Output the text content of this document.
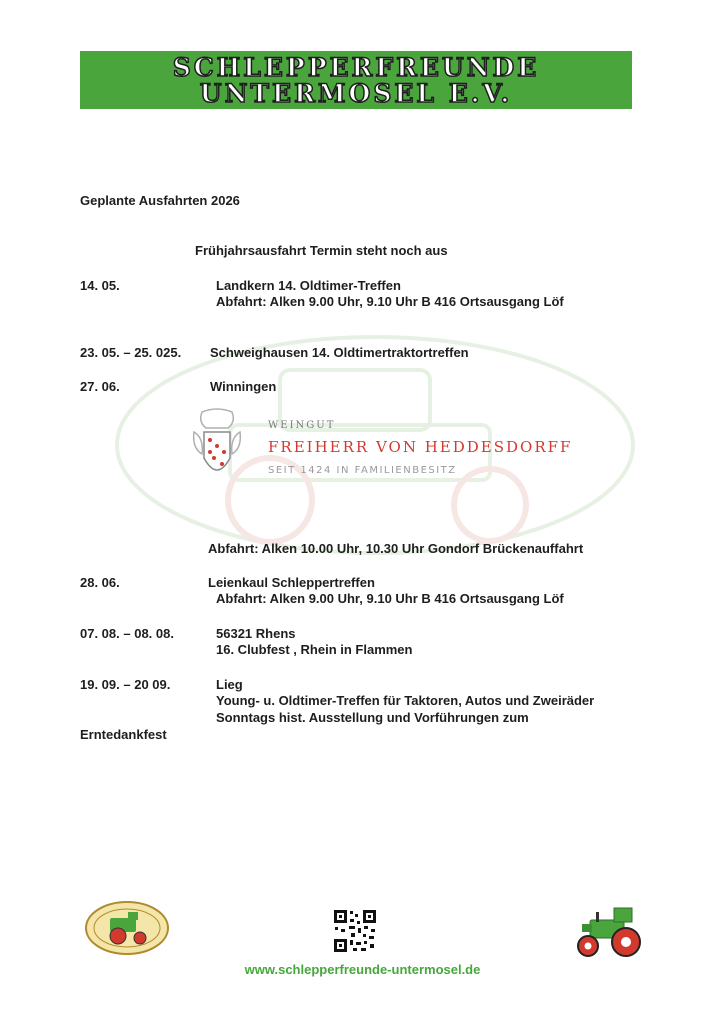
SCHLEPPERFREUNDE
UNTERMOSEL E.V.
Geplante Ausfahrten 2026
Frühjahrsausfahrt Termin steht noch aus
14. 05.	Landkern 14. Oldtimer-Treffen
Abfahrt: Alken 9.00 Uhr, 9.10 Uhr B 416 Ortsausgang Löf
23. 05. – 25. 025. Schweighausen 14. Oldtimertraktortreffen
27. 06.	Winningen
WEINGUT
FREIHERR VON HEDDESDORFF
SEIT 1424 IN FAMILIENBESITZ
Abfahrt: Alken 10.00 Uhr, 10.30 Uhr Gondorf Brückenauffahrt
28. 06.	Leienkaul Schleppertreffen
Abfahrt: Alken 9.00 Uhr, 9.10 Uhr B 416 Ortsausgang Löf
07. 08. – 08. 08.	56321 Rhens
16. Clubfest , Rhein in Flammen
19. 09. – 20 09.	Lieg
Young- u. Oldtimer-Treffen für Taktoren, Autos und Zweiräder
Sonntags hist. Ausstellung und Vorführungen zum
Erntedankfest
www.schlepperfreunde-untermosel.de
